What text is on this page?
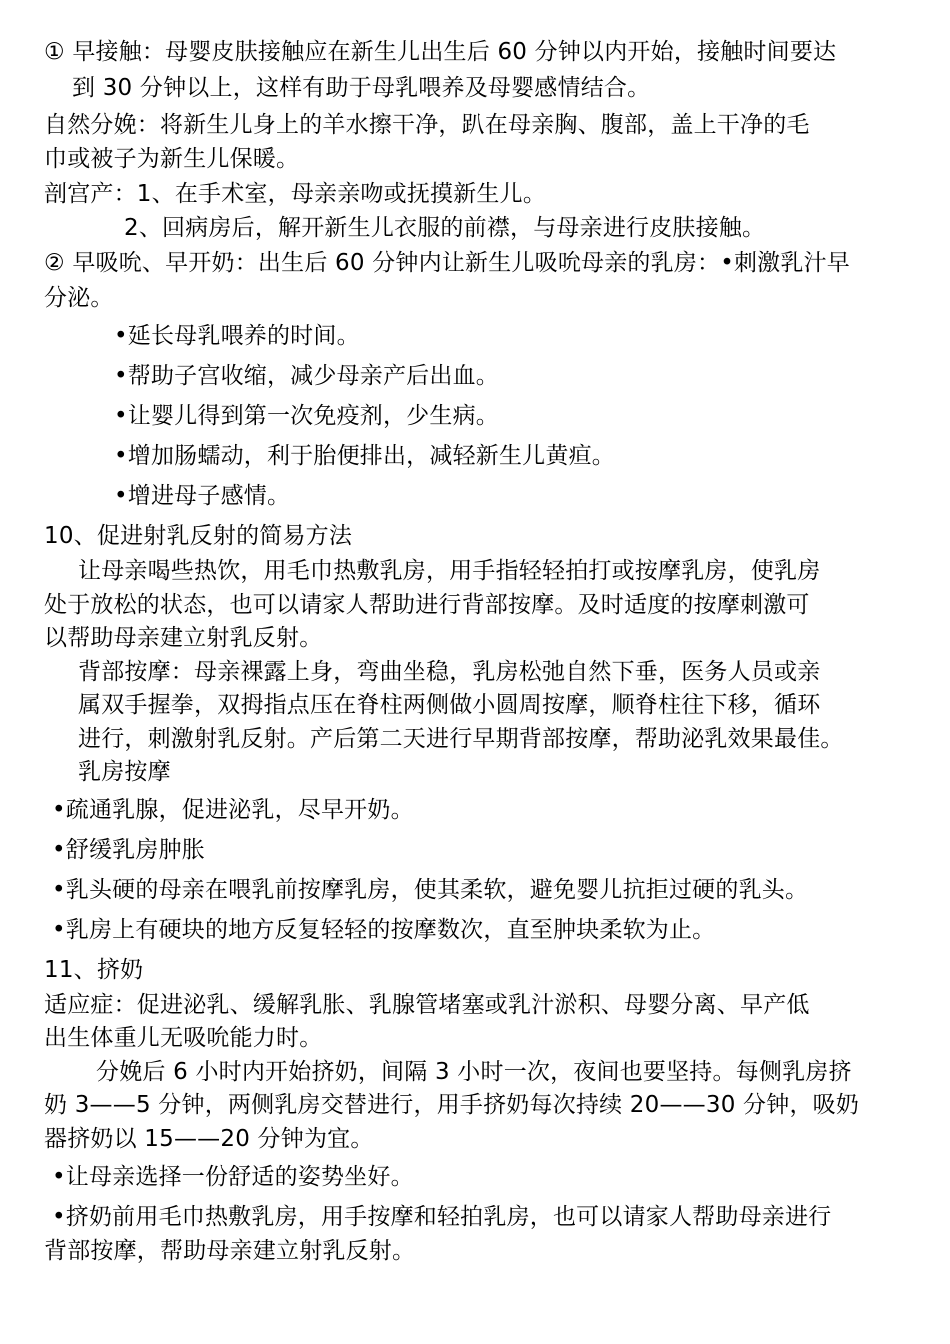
① 早接触：母婴皮肤接触应在新生儿出生后 60 分钟以内开始，接触时间要达

到 30 分钟以上，这样有助于母乳喂养及母婴感情结合。

自然分娩：将新生儿身上的羊水擦干净，趴在母亲胸、腹部，盖上干净的毛

巾或被子为新生儿保暖。

剖宫产：1、在手术室，母亲亲吻或抚摸新生儿。

2、回病房后，解开新生儿衣服的前襟，与母亲进行皮肤接触。

② 早吸吮、早开奶：出生后 60 分钟内让新生儿吸吮母亲的乳房：•刺激乳汁早

分泌。

•延长母乳喂养的时间。

•帮助子宫收缩，减少母亲产后出血。

•让婴儿得到第一次免疫剂，少生病。

•增加肠蠕动，利于胎便排出，减轻新生儿黄疸。

•增进母子感情。

10、促进射乳反射的简易方法

让母亲喝些热饮，用毛巾热敷乳房，用手指轻轻拍打或按摩乳房，使乳房

处于放松的状态，也可以请家人帮助进行背部按摩。及时适度的按摩刺激可

以帮助母亲建立射乳反射。

背部按摩：母亲裸露上身，弯曲坐稳，乳房松弛自然下垂，医务人员或亲

属双手握拳，双拇指点压在脊柱两侧做小圆周按摩，顺脊柱往下移，循环

进行，刺激射乳反射。产后第二天进行早期背部按摩，帮助泌乳效果最佳。

乳房按摩

•疏通乳腺，促进泌乳，尽早开奶。

•舒缓乳房肿胀

•乳头硬的母亲在喂乳前按摩乳房，使其柔软，避免婴儿抗拒过硬的乳头。

•乳房上有硬块的地方反复轻轻的按摩数次，直至肿块柔软为止。

11、挤奶

适应症：促进泌乳、缓解乳胀、乳腺管堵塞或乳汁淤积、母婴分离、早产低

出生体重儿无吸吮能力时。

分娩后 6 小时内开始挤奶，间隔 3 小时一次，夜间也要坚持。每侧乳房挤

奶 3——5 分钟，两侧乳房交替进行，用手挤奶每次持续 20——30 分钟，吸奶

器挤奶以 15——20 分钟为宜。

•让母亲选择一份舒适的姿势坐好。

•挤奶前用毛巾热敷乳房，用手按摩和轻拍乳房，也可以请家人帮助母亲进行

背部按摩，帮助母亲建立射乳反射。
